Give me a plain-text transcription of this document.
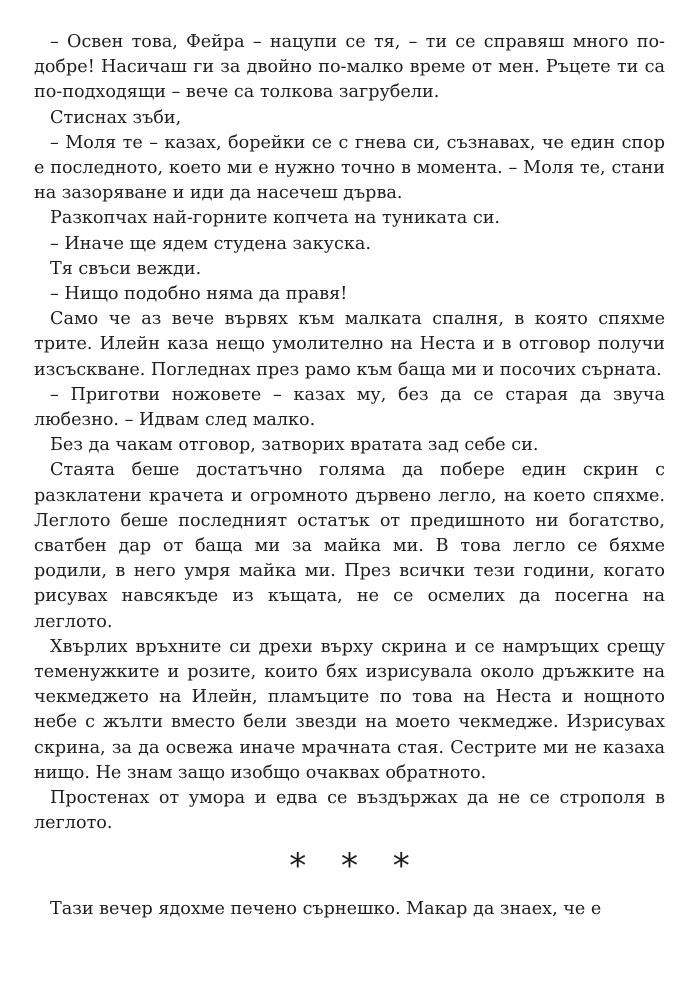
– Освен това, Фейра – нацупи се тя, – ти се справяш много по-добре! Насичаш ги за двойно по-малко време от мен. Ръцете ти са по-подходящи – вече са толкова загрубели.

Стиснах зъби,

– Моля те – казах, борейки се с гнева си, съзнавах, че един спор е последното, което ми е нужно точно в момента. – Моля те, стани на зазоряване и иди да насечеш дърва.

Разкопчах най-горните копчета на туниката си.

– Иначе ще ядем студена закуска.

Тя свъси вежди.

– Нищо подобно няма да правя!

Само че аз вече вървях към малката спалня, в която спяхме трите. Илейн каза нещо умолително на Неста и в отговор получи изсъскване. Погледнах през рамо към баща ми и посочих сърната.

– Приготви ножовете – казах му, без да се старая да звуча любезно. – Идвам след малко.

Без да чакам отговор, затворих вратата зад себе си.

Стаята беше достатъчно голяма да побере един скрин с разклатени крачета и огромното дървено легло, на което спяхме. Леглото беше последният остатък от предишното ни богатство, сватбен дар от баща ми за майка ми. В това легло се бяхме родили, в него умря майка ми. През всички тези години, когато рисувах навсякъде из къщата, не се осмелих да посегна на леглото.

Хвърлих връхните си дрехи върху скрина и се намръщих срещу теменужките и розите, които бях изрисувала около дръжките на чекмеджето на Илейн, пламъците по това на Неста и нощното небе с жълти вместо бели звезди на моето чекмедже. Изрисувах скрина, за да освежа иначе мрачната стая. Сестрите ми не казаха нищо. Не знам защо изобщо очаквах обратното.

Простенах от умора и едва се въздържах да не се строполя в леглото.

* * *

Тази вечер ядохме печено сърнешко. Макар да знаех, че е
